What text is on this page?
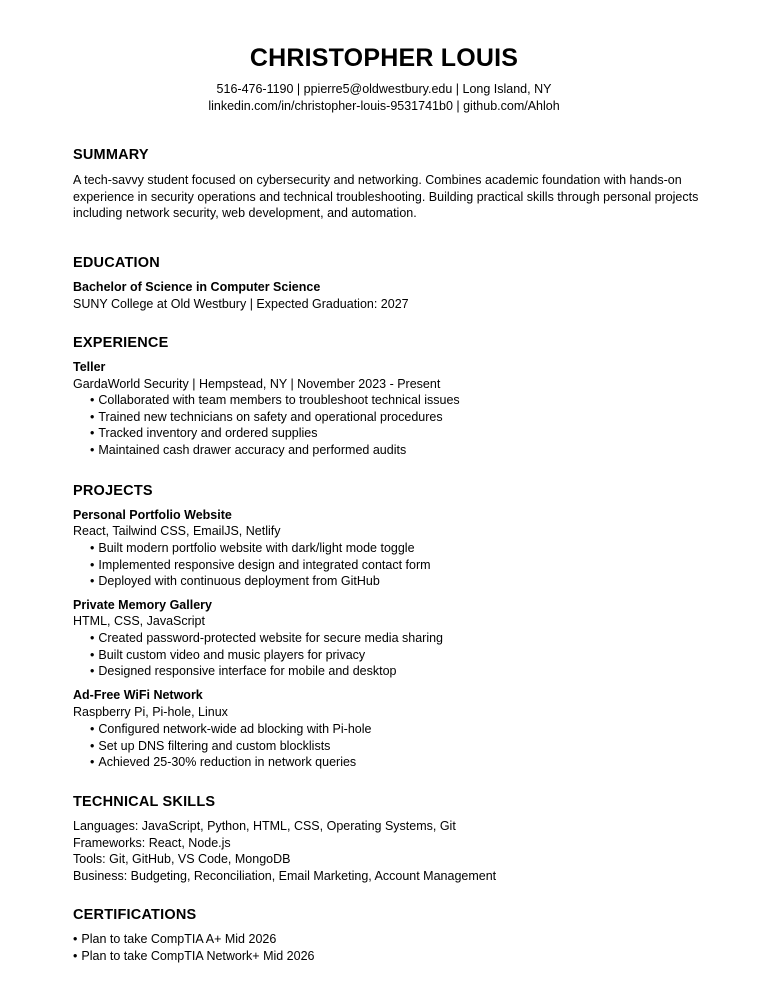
CHRISTOPHER LOUIS
516-476-1190 | ppierre5@oldwestbury.edu | Long Island, NY
linkedin.com/in/christopher-louis-9531741b0 | github.com/Ahloh
SUMMARY
A tech-savvy student focused on cybersecurity and networking. Combines academic foundation with hands-on experience in security operations and technical troubleshooting. Building practical skills through personal projects including network security, web development, and automation.
EDUCATION
Bachelor of Science in Computer Science
SUNY College at Old Westbury | Expected Graduation: 2027
EXPERIENCE
Teller
GardaWorld Security | Hempstead, NY | November 2023 - Present
• Collaborated with team members to troubleshoot technical issues
• Trained new technicians on safety and operational procedures
• Tracked inventory and ordered supplies
• Maintained cash drawer accuracy and performed audits
PROJECTS
Personal Portfolio Website
React, Tailwind CSS, EmailJS, Netlify
• Built modern portfolio website with dark/light mode toggle
• Implemented responsive design and integrated contact form
• Deployed with continuous deployment from GitHub
Private Memory Gallery
HTML, CSS, JavaScript
• Created password-protected website for secure media sharing
• Built custom video and music players for privacy
• Designed responsive interface for mobile and desktop
Ad-Free WiFi Network
Raspberry Pi, Pi-hole, Linux
• Configured network-wide ad blocking with Pi-hole
• Set up DNS filtering and custom blocklists
• Achieved 25-30% reduction in network queries
TECHNICAL SKILLS
Languages: JavaScript, Python, HTML, CSS, Operating Systems, Git
Frameworks: React, Node.js
Tools: Git, GitHub, VS Code, MongoDB
Business: Budgeting, Reconciliation, Email Marketing, Account Management
CERTIFICATIONS
• Plan to take CompTIA A+ Mid 2026
• Plan to take CompTIA Network+ Mid 2026
